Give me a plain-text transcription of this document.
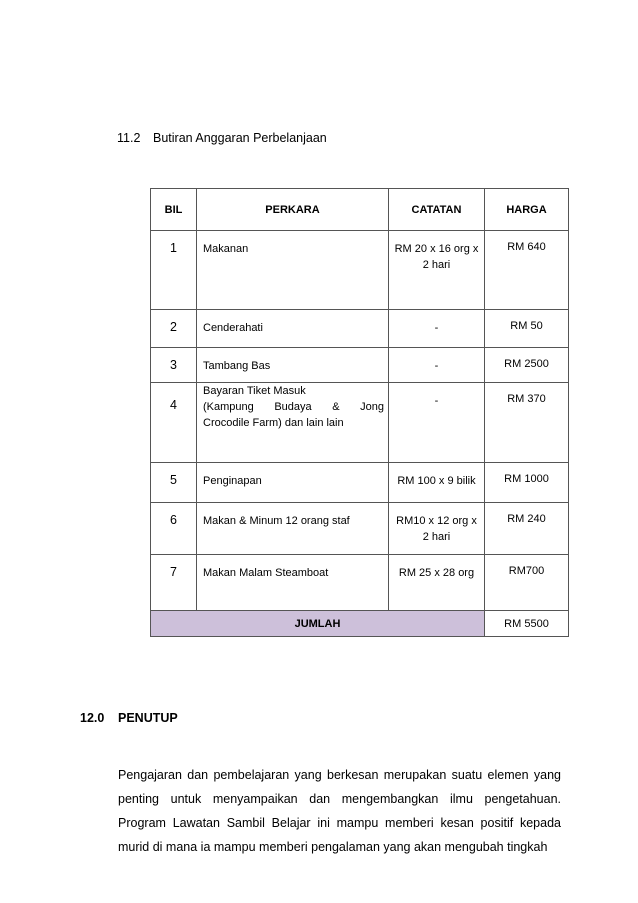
11.2 Butiran Anggaran Perbelanjaan
BIL	PERKARA	CATATAN	HARGA

1	Makanan	RM 20 x 16 org x 2 hari	RM 640

2	Cenderahati	-	RM 50

3	Tambang Bas	-	RM 2500

4	Bayaran Tiket Masuk
(Kampung Budaya & Jong
Crocodile Farm) dan lain lain	-	RM 370

5	Penginapan	RM 100 x 9 bilik	RM 1000

6	Makan & Minum 12 orang staf	RM10 x 12 org x 2 hari	RM 240

7	Makan Malam Steamboat	RM 25 x 28 org	RM700

JUMLAH			RM 5500
12.0 PENUTUP
Pengajaran dan pembelajaran yang berkesan merupakan suatu elemen yang penting untuk menyampaikan dan mengembangkan ilmu pengetahuan. Program Lawatan Sambil Belajar ini mampu memberi kesan positif kepada murid di mana ia mampu memberi pengalaman yang akan mengubah tingkah
